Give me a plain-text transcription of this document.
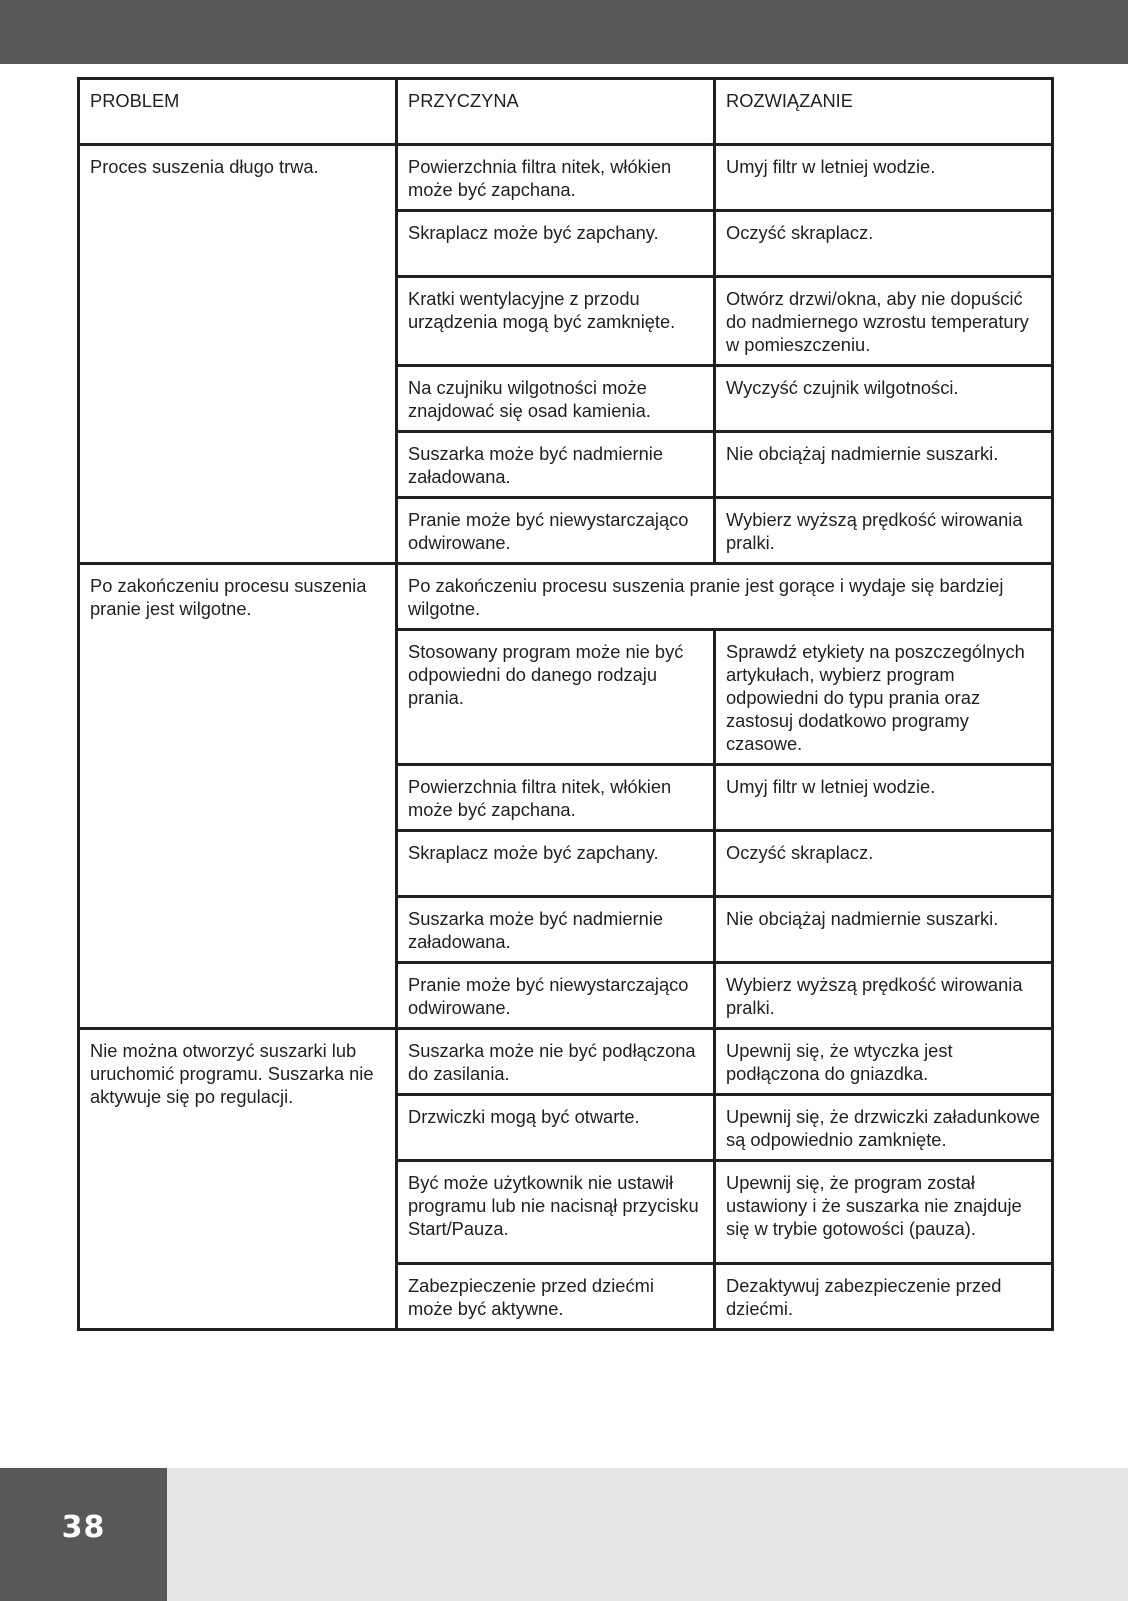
PROBLEM	PRZYCZYNA	ROZWIĄZANIE
Proces suszenia długo trwa.	Powierzchnia filtra nitek, włókien może być zapchana.	Umyj filtr w letniej wodzie.
	Skraplacz może być zapchany.	Oczyść skraplacz.
	Kratki wentylacyjne z przodu urządzenia mogą być zamknięte.	Otwórz drzwi/okna, aby nie dopuścić do nadmiernego wzrostu temperatury w pomieszczeniu.
	Na czujniku wilgotności może znajdować się osad kamienia.	Wyczyść czujnik wilgotności.
	Suszarka może być nadmiernie załadowana.	Nie obciążaj nadmiernie suszarki.
	Pranie może być niewystarczająco odwirowane.	Wybierz wyższą prędkość wirowania pralki.
Po zakończeniu procesu suszenia pranie jest wilgotne.	Po zakończeniu procesu suszenia pranie jest gorące i wydaje się bardziej wilgotne.	
	Stosowany program może nie być odpowiedni do danego rodzaju prania.	Sprawdź etykiety na poszczególnych artykułach, wybierz program odpowiedni do typu prania oraz zastosuj dodatkowo programy czasowe.
	Powierzchnia filtra nitek, włókien może być zapchana.	Umyj filtr w letniej wodzie.
	Skraplacz może być zapchany.	Oczyść skraplacz.
	Suszarka może być nadmiernie załadowana.	Nie obciążaj nadmiernie suszarki.
	Pranie może być niewystarczająco odwirowane.	Wybierz wyższą prędkość wirowania pralki.
Nie można otworzyć suszarki lub uruchomić programu. Suszarka nie aktywuje się po regulacji.	Suszarka może nie być podłączona do zasilania.	Upewnij się, że wtyczka jest podłączona do gniazdka.
	Drzwiczki mogą być otwarte.	Upewnij się, że drzwiczki załadunkowe są odpowiednio zamknięte.
	Być może użytkownik nie ustawił programu lub nie nacisnął przycisku Start/Pauza.	Upewnij się, że program został ustawiony i że suszarka nie znajduje się w trybie gotowości (pauza).
	Zabezpieczenie przed dziećmi może być aktywne.	Dezaktywuj zabezpieczenie przed dziećmi.
38
